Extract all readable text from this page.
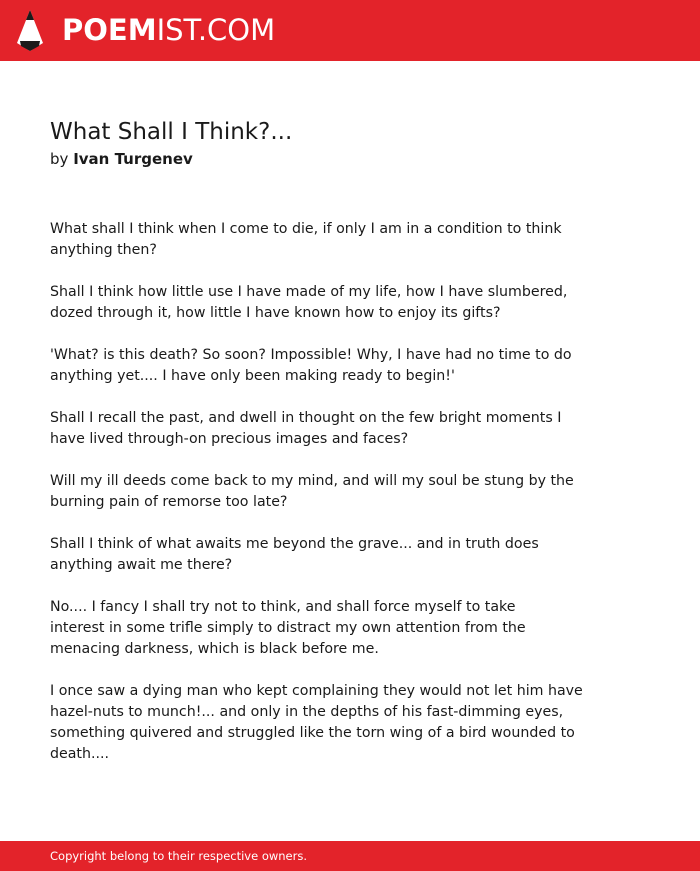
POEMIST.COM
What Shall I Think?...
by Ivan Turgenev

What shall I think when I come to die, if only I am in a condition to think
anything then?

Shall I think how little use I have made of my life, how I have slumbered,
dozed through it, how little I have known how to enjoy its gifts?

'What? is this death? So soon? Impossible! Why, I have had no time to do
anything yet.... I have only been making ready to begin!'

Shall I recall the past, and dwell in thought on the few bright moments I
have lived through-on precious images and faces?

Will my ill deeds come back to my mind, and will my soul be stung by the
burning pain of remorse too late?

Shall I think of what awaits me beyond the grave... and in truth does
anything await me there?

No.... I fancy I shall try not to think, and shall force myself to take
interest in some trifle simply to distract my own attention from the
menacing darkness, which is black before me.

I once saw a dying man who kept complaining they would not let him have
hazel-nuts to munch!... and only in the depths of his fast-dimming eyes,
something quivered and struggled like the torn wing of a bird wounded to
death....

Copyright belong to their respective owners.
